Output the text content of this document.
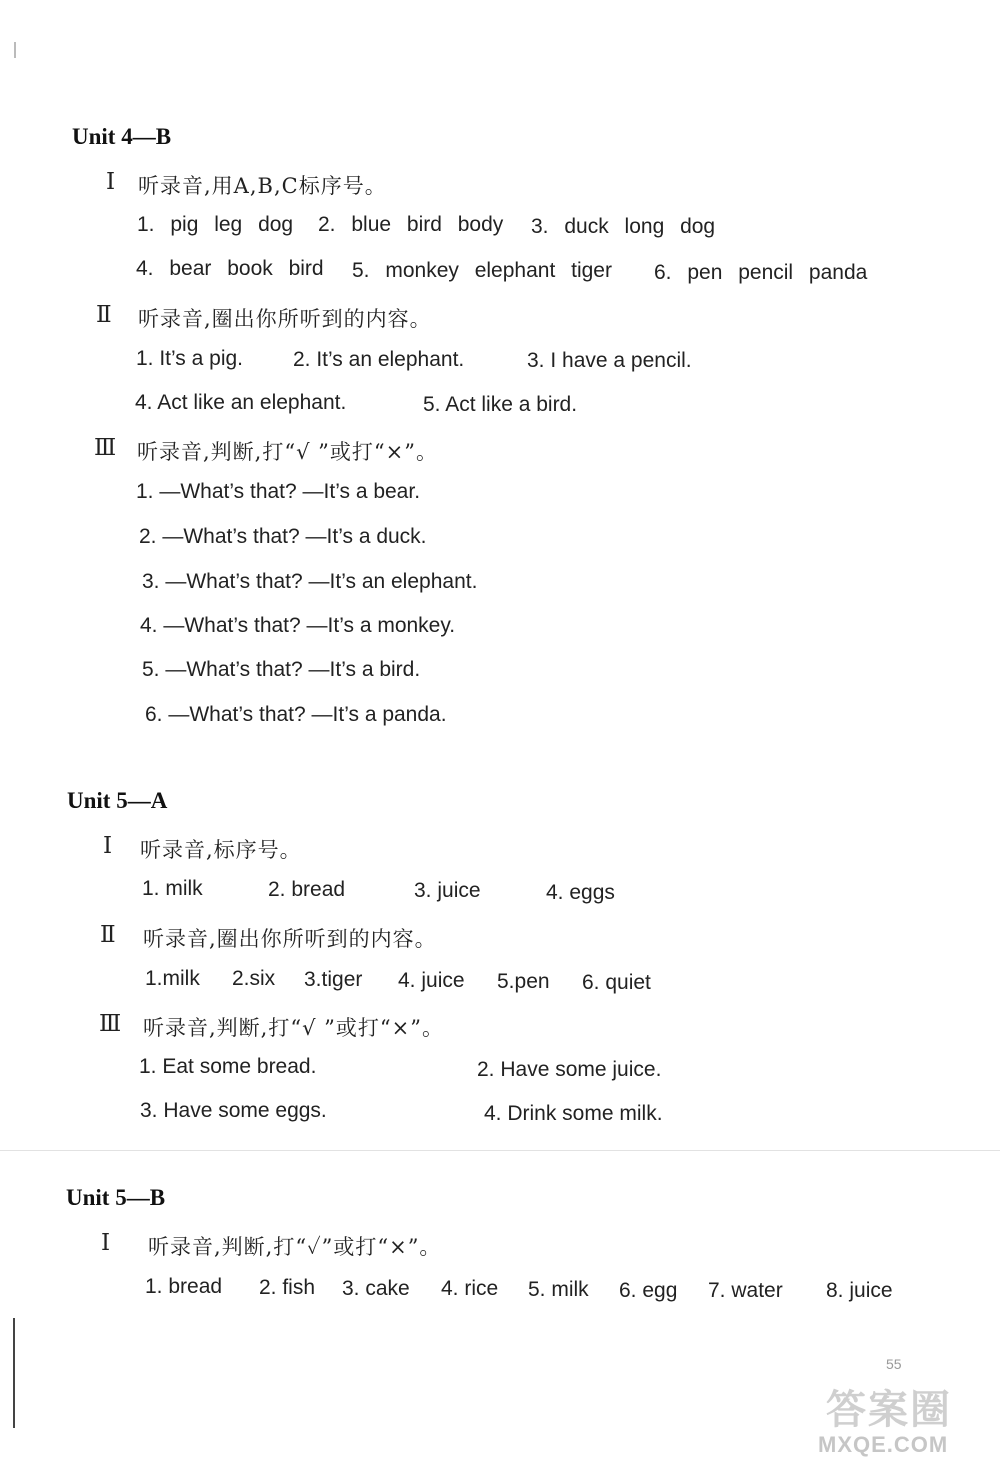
Unit 4—B
Ⅰ 听录音,用A,B,C标序号。
1. pig leg dog 2. blue bird body 3. duck long dog
4. bear book bird 5. monkey elephant tiger 6. pen pencil panda
Ⅱ 听录音,圈出你所听到的内容。
1. It’s a pig. 2. It’s an elephant.	3. I have a pencil.
4. Act like an elephant.	5. Act like a bird.
Ⅲ 听录音,判断,打“√ ”或打“×”。
1. —What’s that? —It’s a bear.
2. —What’s that? —It’s a duck.
3. —What’s that? —It’s an elephant.
4. —What’s that? —It’s a monkey.
5. —What’s that? —It’s a bird.
6. —What’s that? —It’s a panda.
Unit 5—A
Ⅰ 听录音,标序号。
1. milk	2. bread	3. juice	4. eggs
Ⅱ 听录音,圈出你所听到的内容。
1.milk 2.six 3.tiger 4. juice 5.pen 6. quiet
Ⅲ 听录音,判断,打“√ ”或打“×”。
1. Eat some bread.	2. Have some juice.
3. Have some eggs.	4. Drink some milk.
Unit 5—B
Ⅰ 听录音,判断,打“✓”或打“×”。
1. bread 2. fish 3. cake 4. rice 5. milk 6. egg 7. water 8. juice
55
答案圈
MXQE.COM
